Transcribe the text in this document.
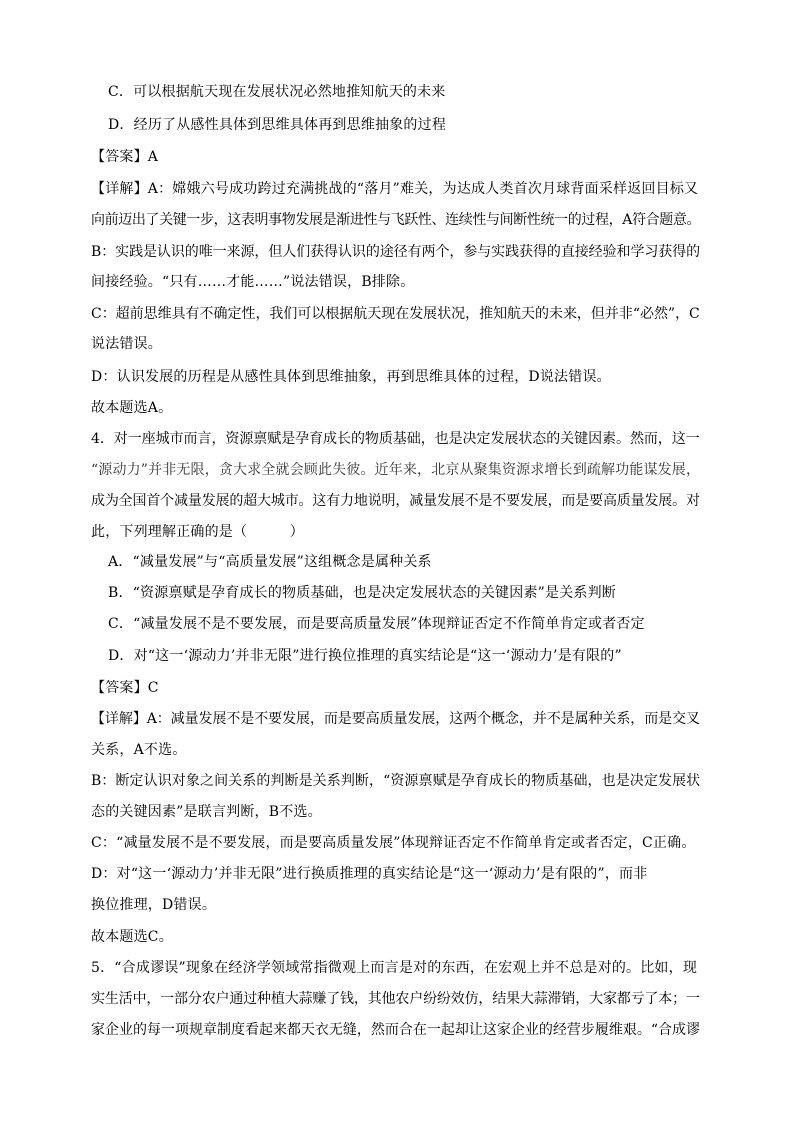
C．可以根据航天现在发展状况必然地推知航天的未来
D．经历了从感性具体到思维具体再到思维抽象的过程
【答案】A
【详解】A：嫦娥六号成功跨过充满挑战的“落月”难关，为达成人类首次月球背面采样返回目标又
向前迈出了关键一步，这表明事物发展是渐进性与飞跃性、连续性与间断性统一的过程，A符合题意。
B：实践是认识的唯一来源，但人们获得认识的途径有两个，参与实践获得的直接经验和学习获得的
间接经验。“只有……才能……”说法错误，B排除。
C：超前思维具有不确定性，我们可以根据航天现在发展状况，推知航天的未来，但并非“必然”，C
说法错误。
D：认识发展的历程是从感性具体到思维抽象，再到思维具体的过程，D说法错误。
故本题选A。
4．对一座城市而言，资源禀赋是孕育成长的物质基础，也是决定发展状态的关键因素。然而，这一
“源动力”并非无限，贪大求全就会顾此失彼。近年来，北京从聚集资源求增长到疏解功能谋发展，
成为全国首个减量发展的超大城市。这有力地说明，减量发展不是不要发展，而是要高质量发展。对
此，下列理解正确的是（　　　）
A．“减量发展”与“高质量发展”这组概念是属种关系
B．“资源禀赋是孕育成长的物质基础，也是决定发展状态的关键因素”是关系判断
C．“减量发展不是不要发展，而是要高质量发展”体现辩证否定不作简单肯定或者否定
D．对“这一‘源动力’并非无限”进行换位推理的真实结论是“这一‘源动力’是有限的”
【答案】C
【详解】A：减量发展不是不要发展，而是要高质量发展，这两个概念，并不是属种关系，而是交叉
关系，A不选。
B：断定认识对象之间关系的判断是关系判断，“资源禀赋是孕育成长的物质基础，也是决定发展状
态的关键因素”是联言判断，B不选。
C：“减量发展不是不要发展，而是要高质量发展”体现辩证否定不作简单肯定或者否定，C正确。
D：对“这一‘源动力’并非无限”进行换质推理的真实结论是“这一‘源动力’是有限的”，而非
换位推理，D错误。
故本题选C。
5．“合成谬误”现象在经济学领域常指微观上而言是对的东西，在宏观上并不总是对的。比如，现
实生活中，一部分农户通过种植大蒜赚了钱，其他农户纷纷效仿，结果大蒜滞销，大家都亏了本；一
家企业的每一项规章制度看起来都天衣无缝，然而合在一起却让这家企业的经营步履维艰。“合成谬
